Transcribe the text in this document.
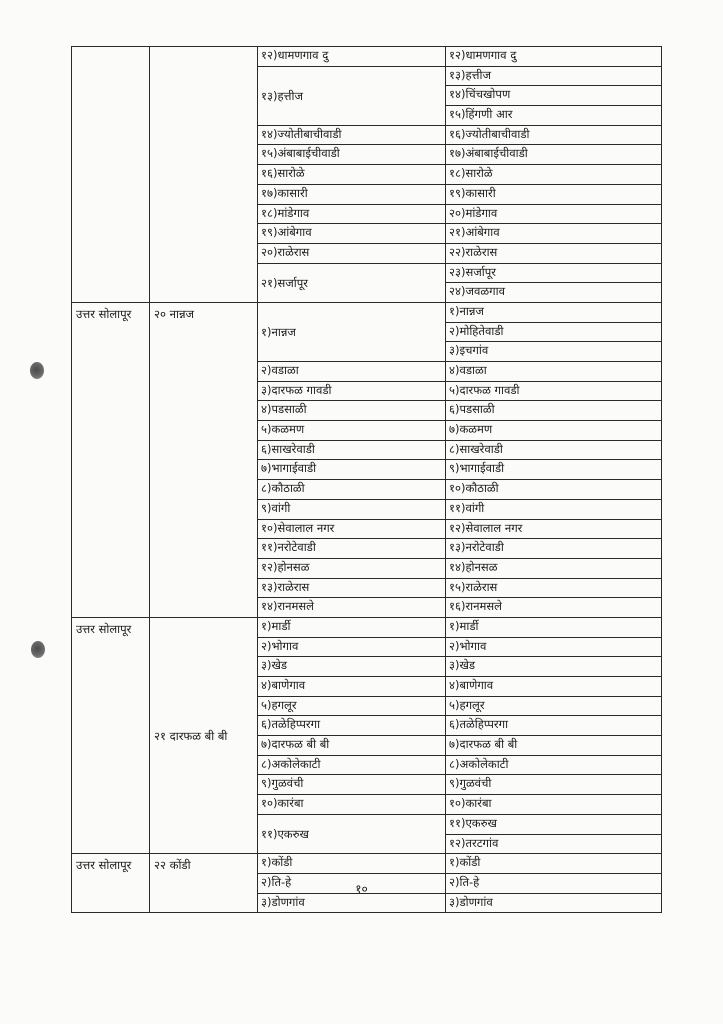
		१२)धामणगाव दु	१२)धामणगाव दु
		१३)हत्तीज	१३)हत्तीज
			१४)चिंचखोपण
			१५)हिंगणी आर
		१४)ज्योतीबाचीवाडी	१६)ज्योतीबाचीवाडी
		१५)अंबाबाईचीवाडी	१७)अंबाबाईचीवाडी
		१६)सारोळे	१८)सारोळे
		१७)कासारी	१९)कासारी
		१८)मांडेगाव	२०)मांडेगाव
		१९)आंबेगाव	२१)आंबेगाव
		२०)राळेरास	२२)राळेरास
		२१)सर्जापूर	२३)सर्जापूर
			२४)जवळगाव
उत्तर सोलापूर	२० नान्नज	१)नान्नज	१)नान्नज
			२)मोहितेवाडी
			३)इचगांव
		२)वडाळा	४)वडाळा
		३)दारफळ गावडी	५)दारफळ गावडी
		४)पडसाळी	६)पडसाळी
		५)कळमण	७)कळमण
		६)साखरेवाडी	८)साखरेवाडी
		७)भागाईवाडी	९)भागाईवाडी
		८)कौठाळी	१०)कौठाळी
		९)वांगी	११)वांगी
		१०)सेवालाल नगर	१२)सेवालाल नगर
		११)नरोटेवाडी	१३)नरोटेवाडी
		१२)होनसळ	१४)होनसळ
		१३)राळेरास	१५)राळेरास
		१४)रानमसले	१६)रानमसले
उत्तर सोलापूर	२१ दारफळ बी बी	१)मार्डी	१)मार्डी
		२)भोगाव	२)भोगाव
		३)खेड	३)खेड
		४)बाणेगाव	४)बाणेगाव
		५)हगलूर	५)हगलूर
		६)तळेहिप्परगा	६)तळेहिप्परगा
		७)दारफळ बी बी	७)दारफळ बी बी
		८)अकोलेकाटी	८)अकोलेकाटी
		९)गुळवंची	९)गुळवंची
		१०)कारंबा	१०)कारंबा
		११)एकरुख	११)एकरुख
			१२)तरटगांव
उत्तर सोलापूर	२२ कोंडी	१)कोंडी	१)कोंडी
		२)ति-हे	२)ति-हे
		३)डोणगांव	३)डोणगांव
१०
